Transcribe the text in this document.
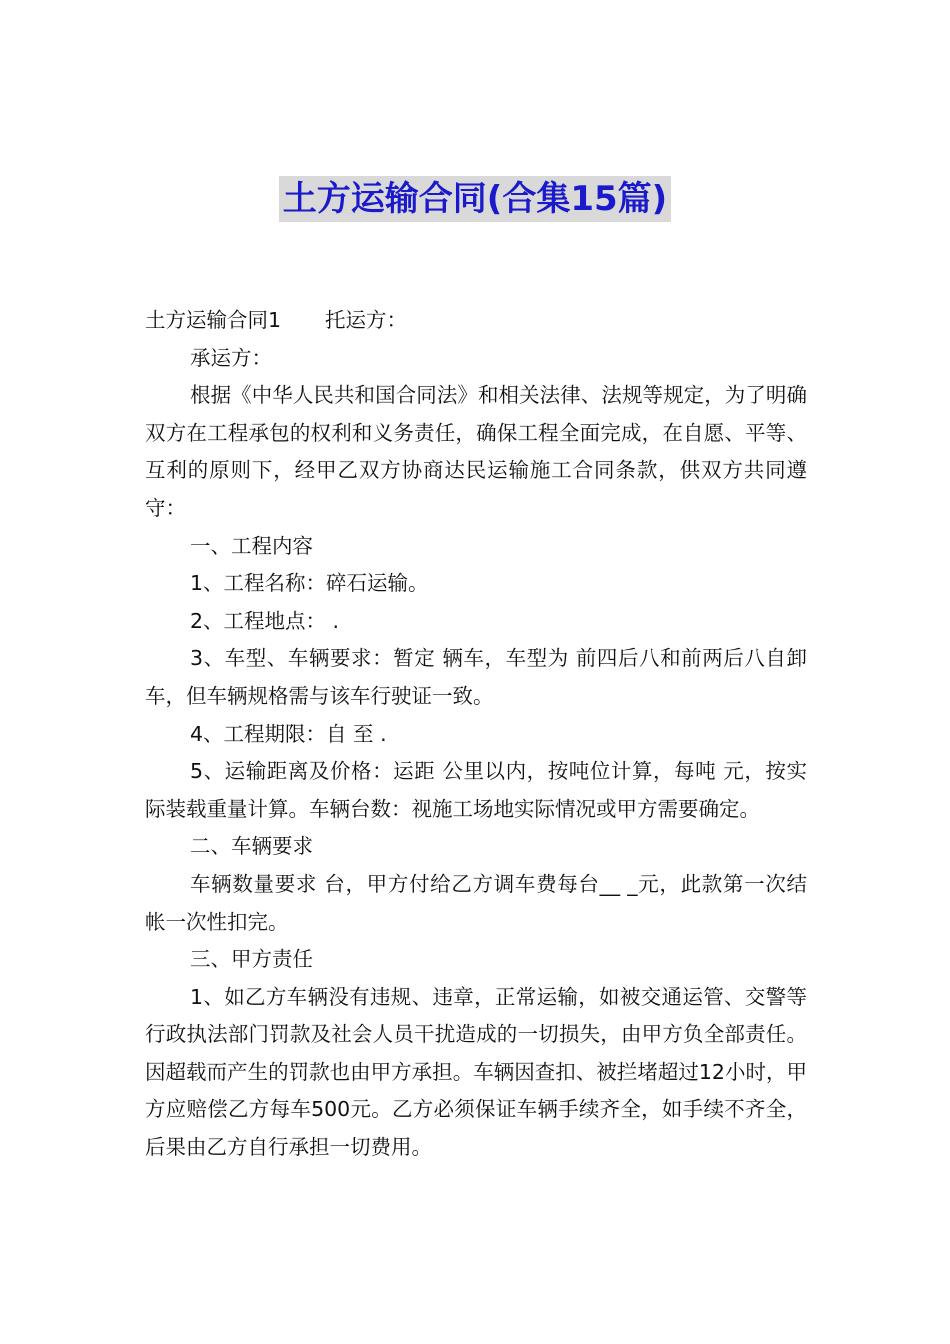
土方运输合同(合集15篇)

土方运输合同1 托运方：

承运方：

根据《中华人民共和国合同法》和相关法律、法规等规定，为了明确双方在工程承包的权利和义务责任，确保工程全面完成，在自愿、平等、互利的原则下，经甲乙双方协商达民运输施工合同条款，供双方共同遵守：

一、工程内容

1、工程名称：碎石运输。

2、工程地点： .

3、车型、车辆要求：暂定 辆车，车型为 前四后八和前两后八自卸车，但车辆规格需与该车行驶证一致。

4、工程期限：自 至 .

5、运输距离及价格：运距 公里以内，按吨位计算，每吨 元，按实际装载重量计算。车辆台数：视施工场地实际情况或甲方需要确定。

二、车辆要求

车辆数量要求 台，甲方付给乙方调车费每台__ _元，此款第一次结帐一次性扣完。

三、甲方责任

1、如乙方车辆没有违规、违章，正常运输，如被交通运管、交警等行政执法部门罚款及社会人员干扰造成的一切损失，由甲方负全部责任。因超载而产生的罚款也由甲方承担。车辆因查扣、被拦堵超过12小时，甲方应赔偿乙方每车500元。乙方必须保证车辆手续齐全，如手续不齐全，后果由乙方自行承担一切费用。
